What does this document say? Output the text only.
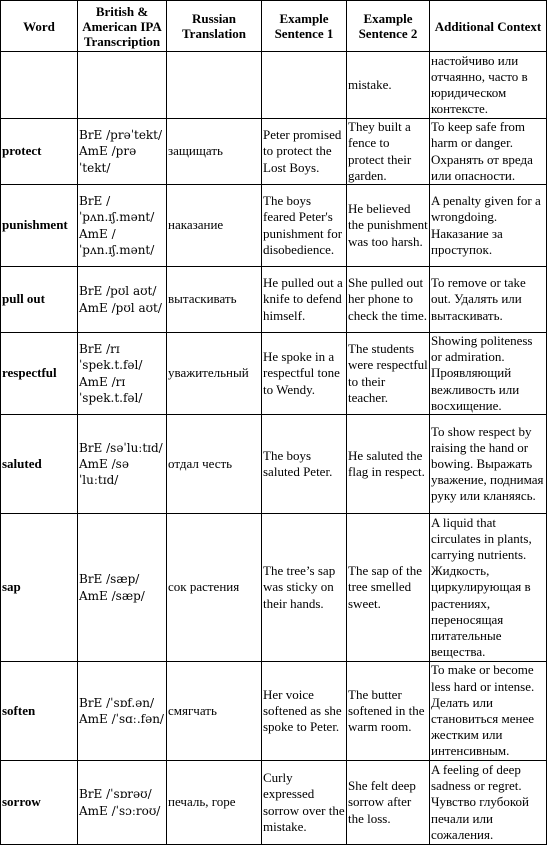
Word	British & American IPA Transcription	Russian Translation	Example Sentence 1	Example Sentence 2	Additional Context
				mistake.	настойчиво или отчаянно, часто в юридическом контексте.
protect	BrE /prəˈtekt/ AmE /prəˈtekt/	защищать	Peter promised to protect the Lost Boys.	They built a fence to protect their garden.	To keep safe from harm or danger. Охранять от вреда или опасности.
punishment	BrE /ˈpʌn.ɪʃ.mənt/ AmE /ˈpʌn.ɪʃ.mənt/	наказание	The boys feared Peter's punishment for disobedience.	He believed the punishment was too harsh.	A penalty given for a wrongdoing. Наказание за проступок.
pull out	BrE /pʊl aʊt/ AmE /pʊl aʊt/	вытаскивать	He pulled out a knife to defend himself.	She pulled out her phone to check the time.	To remove or take out. Удалять или вытаскивать.
respectful	BrE /rɪˈspek.t.fəl/ AmE /rɪˈspek.t.fəl/	уважительный	He spoke in a respectful tone to Wendy.	The students were respectful to their teacher.	Showing politeness or admiration. Проявляющий вежливость или восхищение.
saluted	BrE /səˈluːtɪd/ AmE /səˈluːtɪd/	отдал честь	The boys saluted Peter.	He saluted the flag in respect.	To show respect by raising the hand or bowing. Выражать уважение, поднимая руку или кланяясь.
sap	BrE /sæp/ AmE /sæp/	сок растения	The tree’s sap was sticky on their hands.	The sap of the tree smelled sweet.	A liquid that circulates in plants, carrying nutrients. Жидкость, циркулирующая в растениях, переносящая питательные вещества.
soften	BrE /ˈsɒf.ən/ AmE /ˈsɑː.fən/	смягчать	Her voice softened as she spoke to Peter.	The butter softened in the warm room.	To make or become less hard or intense. Делать или становиться менее жестким или интенсивным.
sorrow	BrE /ˈsɒrəʊ/ AmE /ˈsɔːroʊ/	печаль, горе	Curly expressed sorrow over the mistake.	She felt deep sorrow after the loss.	A feeling of deep sadness or regret. Чувство глубокой печали или сожаления.
